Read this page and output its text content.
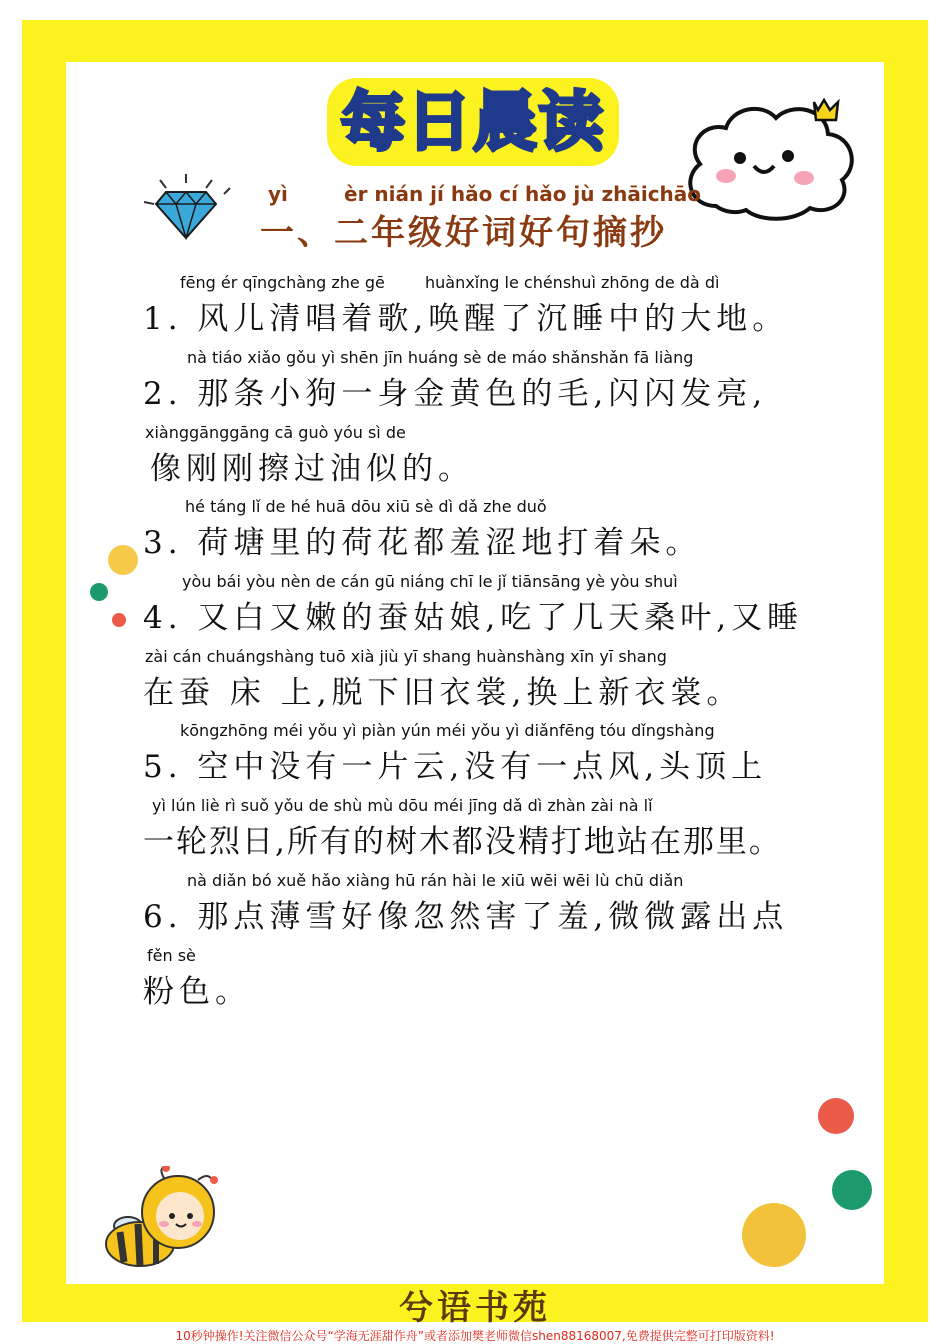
每日晨读
yì	èr nián jí hǎo cí hǎo jù zhāichāo
一、二年级好词好句摘抄
fēng ér qīngchàng zhe gē	huànxǐng le chénshuì zhōng de dà dì
1. 风儿清唱着歌,唤醒了沉睡中的大地。
nà tiáo xiǎo gǒu yì shēn jīn huáng sè de máo shǎnshǎn fā liàng
2. 那条小狗一身金黄色的毛,闪闪发亮,
xiànggānggāng cā guò yóu sì de
像刚刚擦过油似的。
hé táng lǐ de hé huā dōu xiū sè dì dǎ zhe duǒ
3. 荷塘里的荷花都羞涩地打着朵。
yòu bái yòu nèn de cán gū niáng chī le jǐ tiānsāng yè yòu shuì
4. 又白又嫩的蚕姑娘,吃了几天桑叶,又睡
zài cán chuángshàng tuō xià jiù yī shang huànshàng xīn yī shang
在蚕 床 上,脱下旧衣裳,换上新衣裳。
kōngzhōng méi yǒu yì piàn yún méi yǒu yì diǎnfēng tóu dǐngshàng
5. 空中没有一片云,没有一点风,头顶上
yì lún liè rì suǒ yǒu de shù mù dōu méi jīng dǎ dì zhàn zài nà lǐ
一轮烈日,所有的树木都没精打地站在那里。
nà diǎn bó xuě hǎo xiàng hū rán hài le xiū wēi wēi lù chū diǎn
6. 那点薄雪好像忽然害了羞,微微露出点
fěn sè
粉色。
兮语书苑
10秒钟操作!关注微信公众号“学海无涯甜作舟”或者添加樊老师微信shen88168007,免费提供完整可打印版资料!
